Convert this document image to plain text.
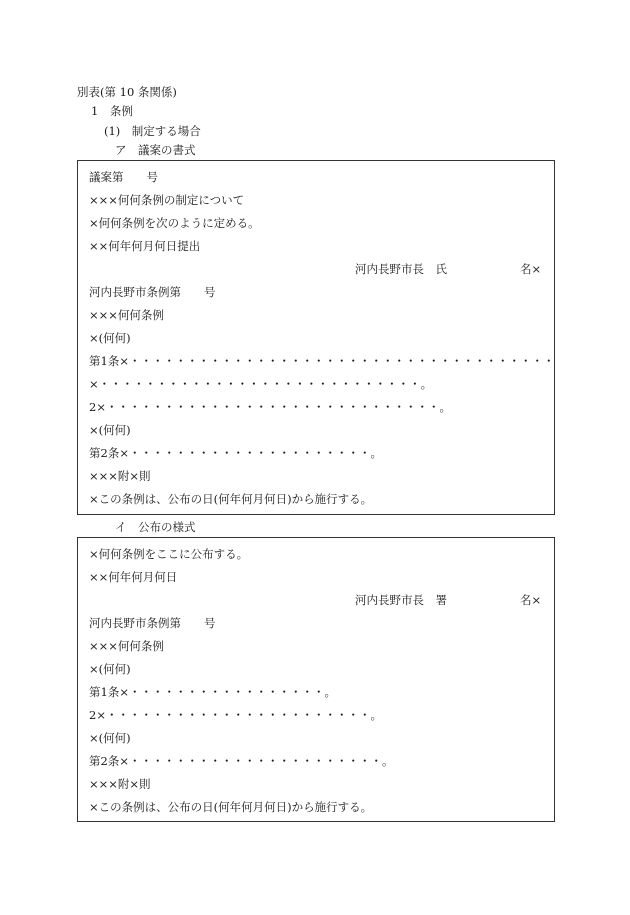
別表(第 10 条関係)
1　条例
(1)　制定する場合
ア　議案の書式
議案第　　号
×××何何条例の制定について
×何何条例を次のように定める。
××何年何月何日提出
河内長野市長　氏	名×
河内長野市条例第　　号
×××何何条例
×(何何)
第1条×・・・・・・・・・・・・・・・・・・・・・・・・・・・・・・・・・・・・・
×・・・・・・・・・・・・・・・・・・・・・・・・・・・・。
2×・・・・・・・・・・・・・・・・・・・・・・・・・・・・・。
×(何何)
第2条×・・・・・・・・・・・・・・・・・・・・・。
×××附×則
×この条例は、公布の日(何年何月何日)から施行する。
イ　公布の様式
×何何条例をここに公布する。
××何年何月何日
河内長野市長　署	名×
河内長野市条例第　　号
×××何何条例
×(何何)
第1条×・・・・・・・・・・・・・・・・・。
2×・・・・・・・・・・・・・・・・・・・・・・・。
×(何何)
第2条×・・・・・・・・・・・・・・・・・・・・・・。
×××附×則
×この条例は、公布の日(何年何月何日)から施行する。
